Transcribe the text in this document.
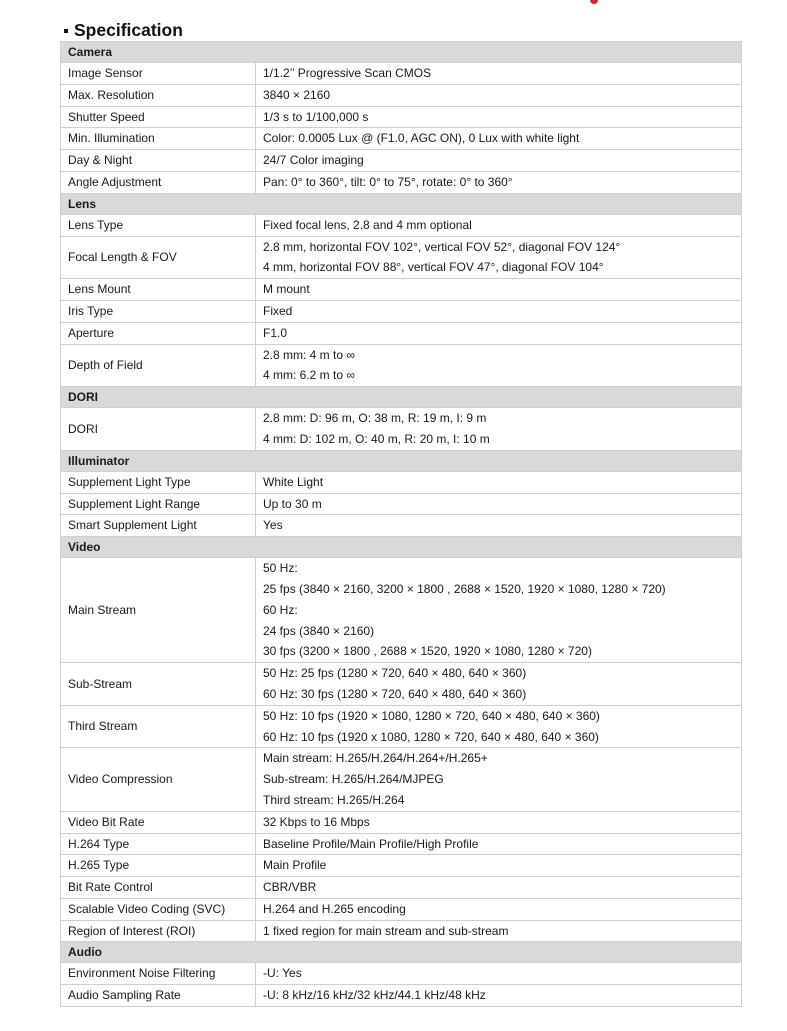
Specification
Camera	
Image Sensor	1/1.2’’ Progressive Scan CMOS

Max. Resolution	3840 × 2160

Shutter Speed	1/3 s to 1/100,000 s

Min. Illumination	Color: 0.0005 Lux @ (F1.0, AGC ON), 0 Lux with white light

Day & Night	24/7 Color imaging

Angle Adjustment	Pan: 0° to 360°, tilt: 0° to 75°, rotate: 0° to 360°

Lens	
Lens Type	Fixed focal lens, 2.8 and 4 mm optional

Focal Length & FOV	2.8 mm, horizontal FOV 102°, vertical FOV 52°, diagonal FOV 124°
4 mm, horizontal FOV 88°, vertical FOV 47°, diagonal FOV 104°

Lens Mount	M mount

Iris Type	Fixed

Aperture	F1.0

Depth of Field	2.8 mm: 4 m to ∞
4 mm: 6.2 m to ∞

DORI	
DORI	2.8 mm: D: 96 m, O: 38 m, R: 19 m, I: 9 m
4 mm: D: 102 m, O: 40 m, R: 20 m, I: 10 m

Illuminator	
Supplement Light Type	White Light

Supplement Light Range	Up to 30 m

Smart Supplement Light	Yes

Video	
Main Stream	50 Hz:
25 fps (3840 × 2160, 3200 × 1800 , 2688 × 1520, 1920 × 1080, 1280 × 720)
60 Hz:
24 fps (3840 × 2160)
30 fps (3200 × 1800 , 2688 × 1520, 1920 × 1080, 1280 × 720)

Sub-Stream	50 Hz: 25 fps (1280 × 720, 640 × 480, 640 × 360)
60 Hz: 30 fps (1280 × 720, 640 × 480, 640 × 360)

Third Stream	50 Hz: 10 fps (1920 × 1080, 1280 × 720, 640 × 480, 640 × 360)
60 Hz: 10 fps (1920 x 1080, 1280 × 720, 640 × 480, 640 × 360)

Video Compression	Main stream: H.265/H.264/H.264+/H.265+
Sub-stream: H.265/H.264/MJPEG
Third stream: H.265/H.264

Video Bit Rate	32 Kbps to 16 Mbps

H.264 Type	Baseline Profile/Main Profile/High Profile

H.265 Type	Main Profile

Bit Rate Control	CBR/VBR

Scalable Video Coding (SVC)	H.264 and H.265 encoding

Region of Interest (ROI)	1 fixed region for main stream and sub-stream

Audio	
Environment Noise Filtering	-U: Yes

Audio Sampling Rate	-U: 8 kHz/16 kHz/32 kHz/44.1 kHz/48 kHz
